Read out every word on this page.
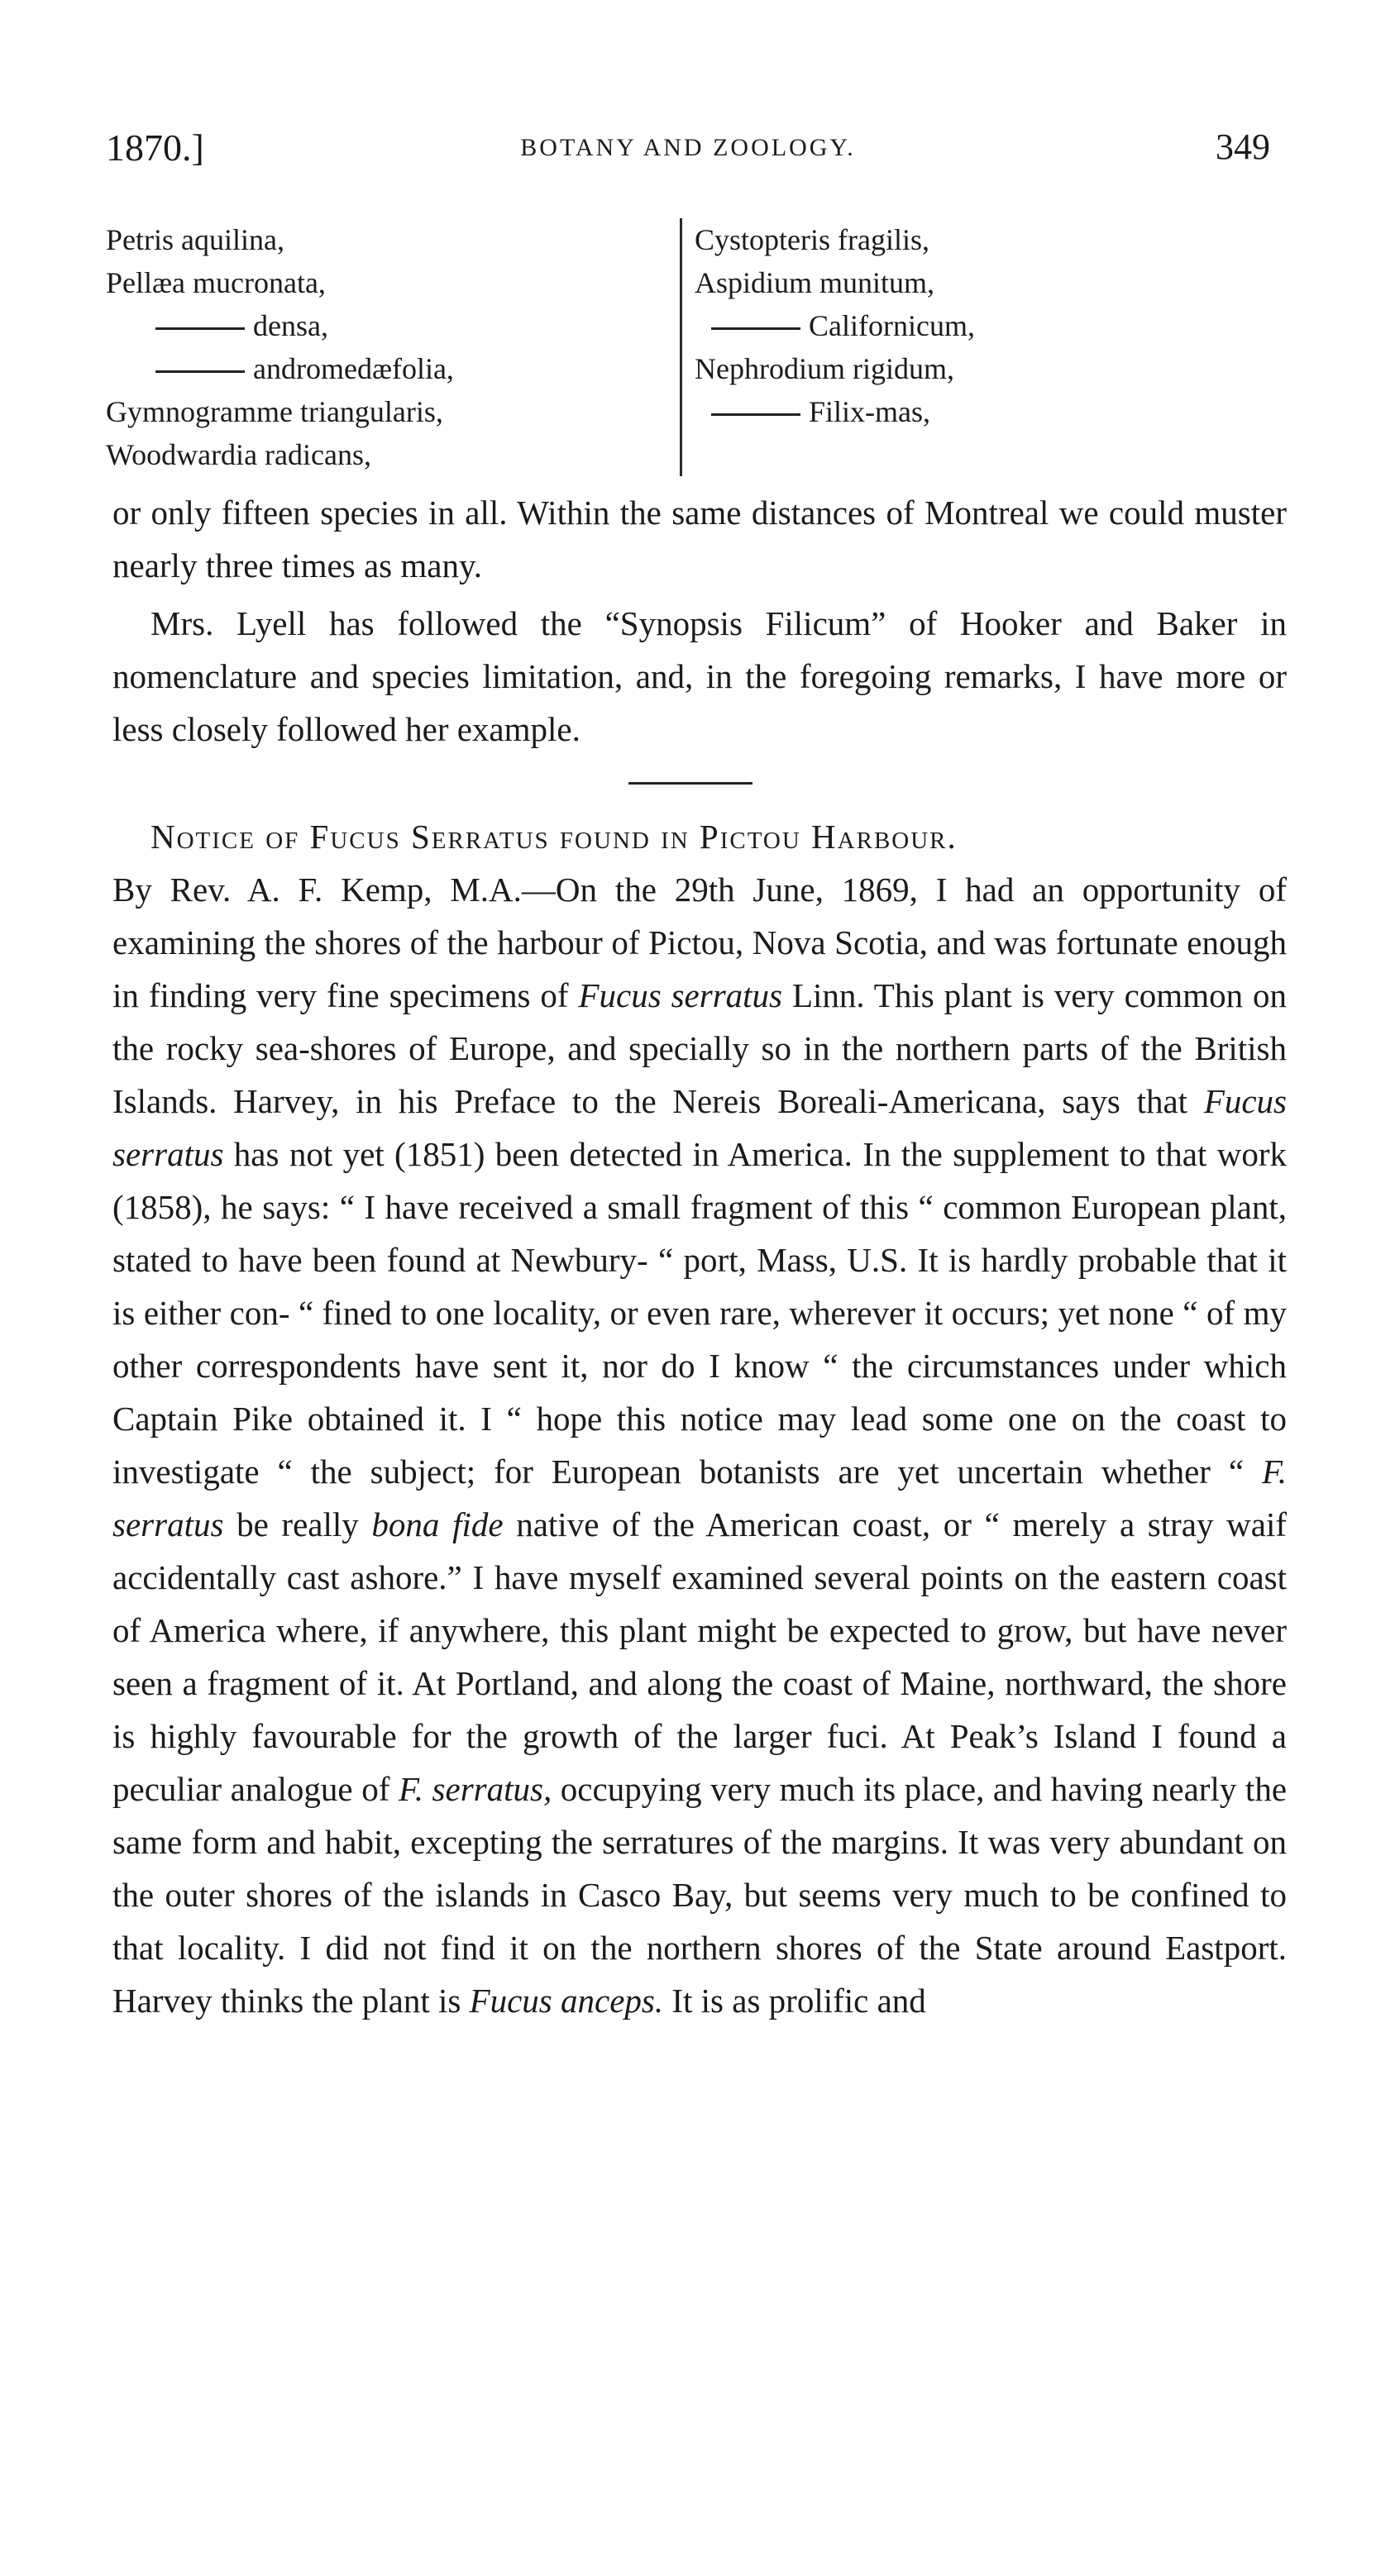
1870.]	BOTANY AND ZOOLOGY.	349
Petris aquilina,
Pellæa mucronata,
densa,
andromedæfolia,
Gymnogramme triangularis,
Woodwardia radicans,
Cystopteris fragilis,
Aspidium munitum,
Californicum,
Nephrodium rigidum,
Filix-mas,

or only fifteen species in all. Within the same distances of Montreal we could muster nearly three times as many.

Mrs. Lyell has followed the “Synopsis Filicum” of Hooker and Baker in nomenclature and species limitation, and, in the foregoing remarks, I have more or less closely followed her example.

Notice of Fucus Serratus found in Pictou Harbour.

By Rev. A. F. Kemp, M.A.—On the 29th June, 1869, I had an opportunity of examining the shores of the harbour of Pictou, Nova Scotia, and was fortunate enough in finding very fine specimens of Fucus serratus Linn. This plant is very common on the rocky sea-shores of Europe, and specially so in the northern parts of the British Islands. Harvey, in his Preface to the Nereis Boreali-Americana, says that Fucus serratus has not yet (1851) been detected in America. In the supplement to that work (1858), he says: “ I have received a small fragment of this “ common European plant, stated to have been found at Newbury- “ port, Mass, U.S. It is hardly probable that it is either con- “ fined to one locality, or even rare, wherever it occurs; yet none “ of my other correspondents have sent it, nor do I know “ the circumstances under which Captain Pike obtained it. I “ hope this notice may lead some one on the coast to investigate “ the subject; for European botanists are yet uncertain whether “ F. serratus be really bona fide native of the American coast, or “ merely a stray waif accidentally cast ashore.” I have myself examined several points on the eastern coast of America where, if anywhere, this plant might be expected to grow, but have never seen a fragment of it. At Portland, and along the coast of Maine, northward, the shore is highly favourable for the growth of the larger fuci. At Peak’s Island I found a peculiar analogue of F. serratus, occupying very much its place, and having nearly the same form and habit, excepting the serratures of the margins. It was very abundant on the outer shores of the islands in Casco Bay, but seems very much to be confined to that locality. I did not find it on the northern shores of the State around Eastport. Harvey thinks the plant is Fucus anceps. It is as prolific and
